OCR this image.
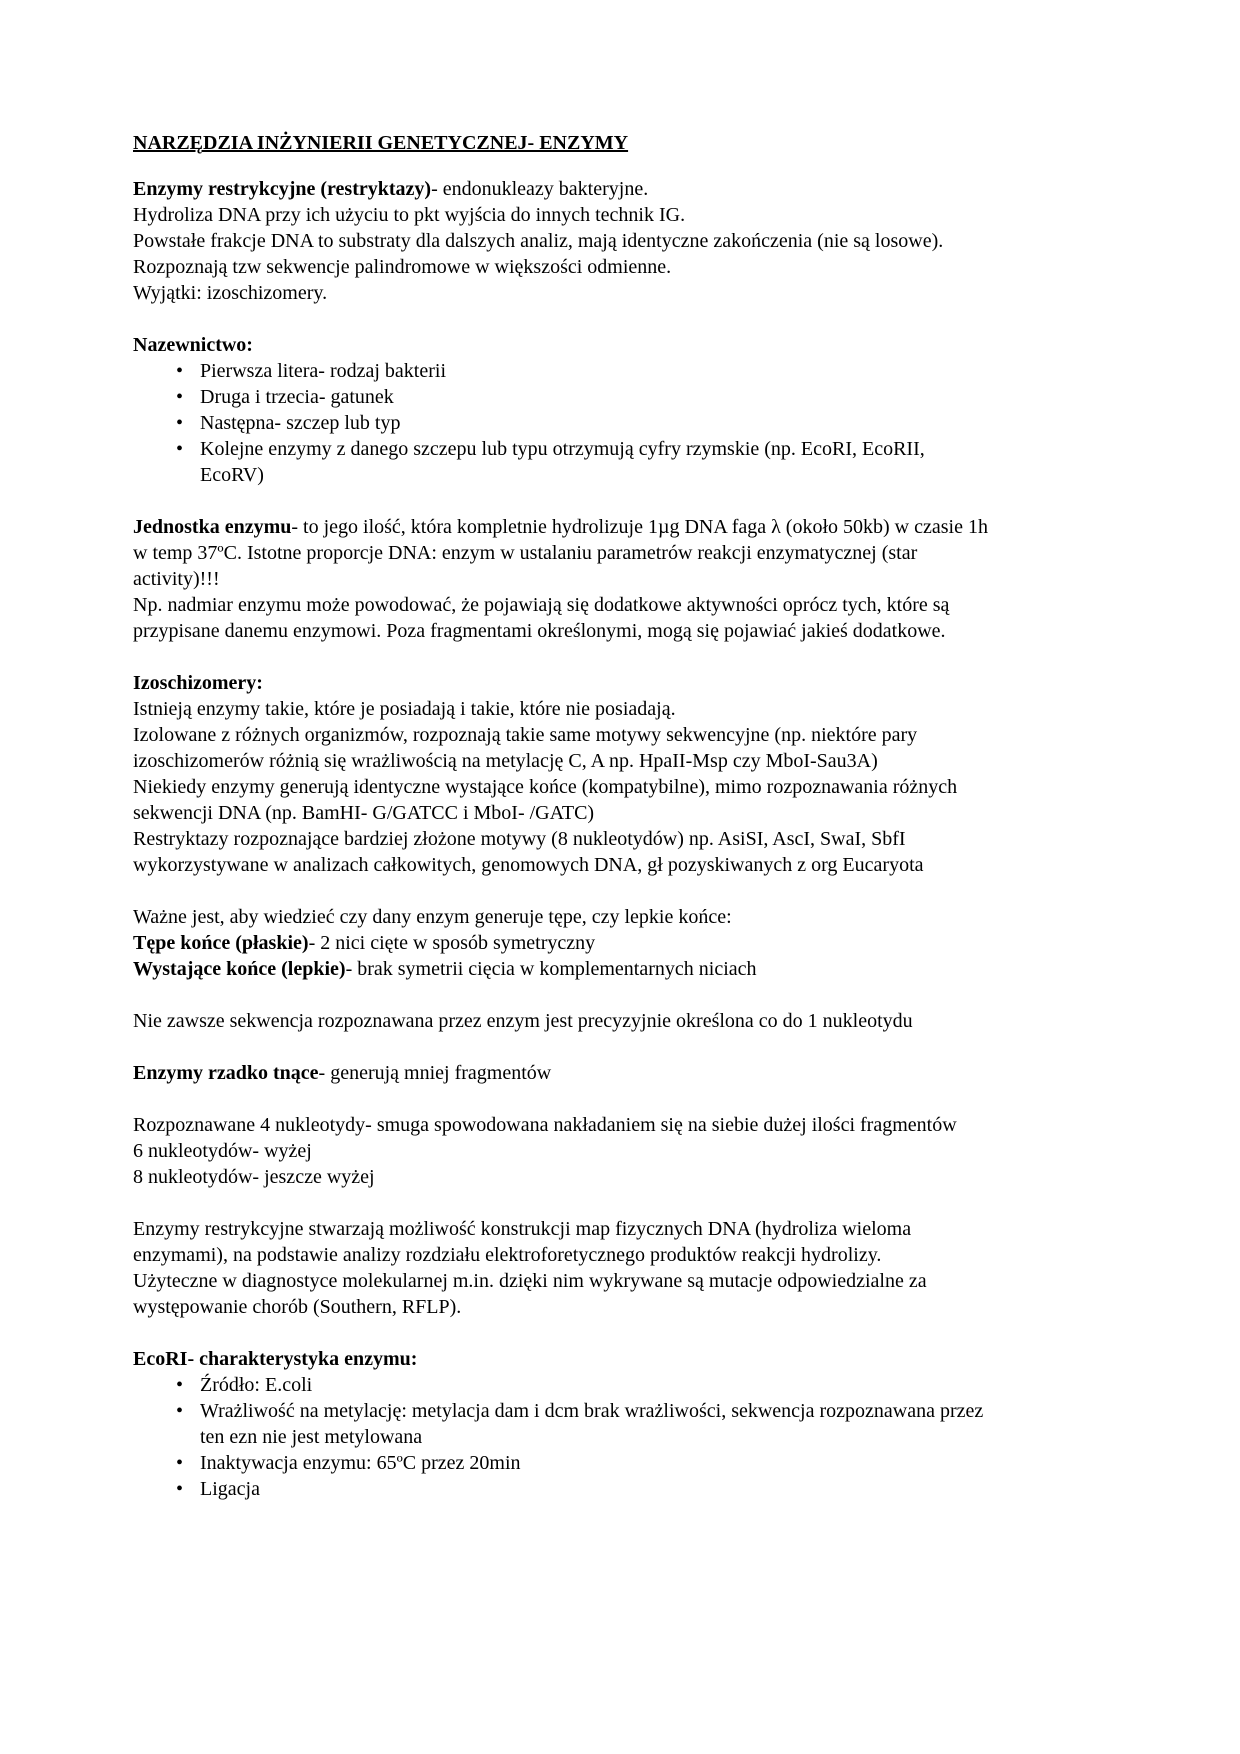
NARZĘDZIA INŻYNIERII GENETYCZNEJ- ENZYMY

Enzymy restrykcyjne (restryktazy)- endonukleazy bakteryjne.

Hydroliza DNA przy ich użyciu to pkt wyjścia do innych technik IG.

Powstałe frakcje DNA to substraty dla dalszych analiz, mają identyczne zakończenia (nie są losowe).

Rozpoznają tzw sekwencje palindromowe w większości odmienne.

Wyjątki: izoschizomery.

Nazewnictwo:

• Pierwsza litera- rodzaj bakterii
• Druga i trzecia- gatunek
• Następna- szczep lub typ
• Kolejne enzymy z danego szczepu lub typu otrzymują cyfry rzymskie (np. EcoRI, EcoRII, EcoRV)

Jednostka enzymu- to jego ilość, która kompletnie hydrolizuje 1µg DNA faga λ (około 50kb) w czasie 1h w temp 37ºC. Istotne proporcje DNA: enzym w ustalaniu parametrów reakcji enzymatycznej (star activity)!!!

Np. nadmiar enzymu może powodować, że pojawiają się dodatkowe aktywności oprócz tych, które są przypisane danemu enzymowi. Poza fragmentami określonymi, mogą się pojawiać jakieś dodatkowe.

Izoschizomery:

Istnieją enzymy takie, które je posiadają i takie, które nie posiadają.

Izolowane z różnych organizmów, rozpoznają takie same motywy sekwencyjne (np. niektóre pary izoschizomerów różnią się wrażliwością na metylację C, A np. HpaII-Msp czy MboI-Sau3A)

Niekiedy enzymy generują identyczne wystające końce (kompatybilne), mimo rozpoznawania różnych sekwencji DNA (np. BamHI- G/GATCC i MboI- /GATC)

Restryktazy rozpoznające bardziej złożone motywy (8 nukleotydów) np. AsiSI, AscI, SwaI, SbfI wykorzystywane w analizach całkowitych, genomowych DNA, gł pozyskiwanych z org Eucaryota

Ważne jest, aby wiedzieć czy dany enzym generuje tępe, czy lepkie końce:

Tępe końce (płaskie)- 2 nici cięte w sposób symetryczny

Wystające końce (lepkie)- brak symetrii cięcia w komplementarnych niciach

Nie zawsze sekwencja rozpoznawana przez enzym jest precyzyjnie określona co do 1 nukleotydu

Enzymy rzadko tnące- generują mniej fragmentów

Rozpoznawane 4 nukleotydy- smuga spowodowana nakładaniem się na siebie dużej ilości fragmentów

6 nukleotydów- wyżej

8 nukleotydów- jeszcze wyżej

Enzymy restrykcyjne stwarzają możliwość konstrukcji map fizycznych DNA (hydroliza wieloma enzymami), na podstawie analizy rozdziału elektroforetycznego produktów reakcji hydrolizy.

Użyteczne w diagnostyce molekularnej m.in. dzięki nim wykrywane są mutacje odpowiedzialne za występowanie chorób (Southern, RFLP).

EcoRI- charakterystyka enzymu:

• Źródło: E.coli
• Wrażliwość na metylację: metylacja dam i dcm brak wrażliwości, sekwencja rozpoznawana przez ten ezn nie jest metylowana
• Inaktywacja enzymu: 65ºC przez 20min
• Ligacja
